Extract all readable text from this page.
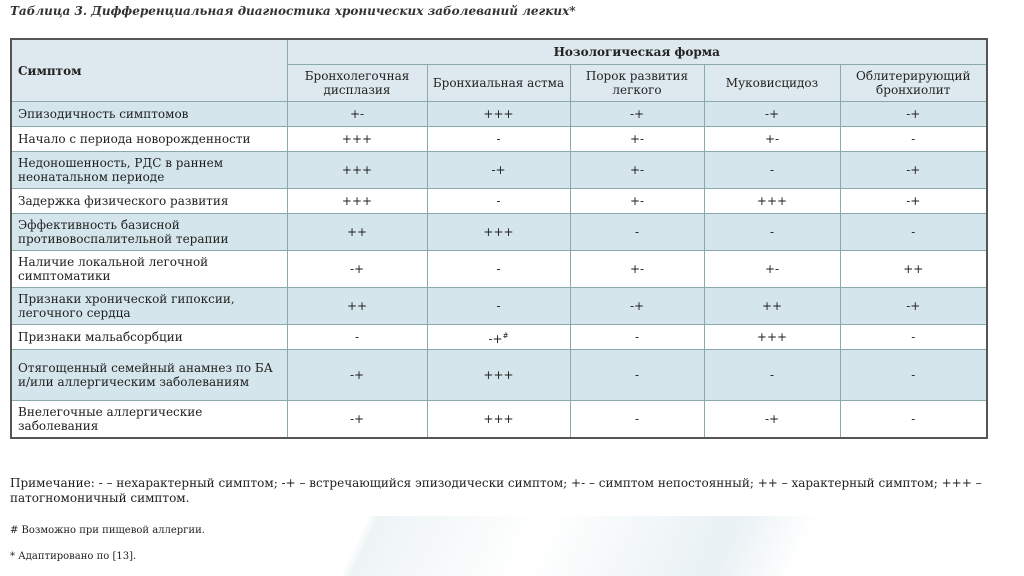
Таблица 3. Дифференциальная диагностика хронических заболеваний легких*
Симптом	Нозологическая форма				
	Бронхолегочная дисплазия	Бронхиальная астма	Порок развития легкого	Муковисцидоз	Облитерирующий бронхиолит
Эпизодичность симптомов	+-	+++	-+	-+	-+
Начало с периода новорожденности	+++	-	+-	+-	-
Недоношенность, РДС в раннем неонатальном периоде	+++	-+	+-	-	-+
Задержка физического развития	+++	-	+-	+++	-+
Эффективность базисной противовоспалительной терапии	++	+++	-	-	-
Наличие локальной легочной симптоматики	-+	-	+-	+-	++
Признаки хронической гипоксии, легочного сердца	++	-	-+	++	-+
Признаки мальабсорбции	-	-+#	-	+++	-
Отягощенный семейный анамнез по БА и/или аллергическим заболеваниям	-+	+++	-	-	-
Внелегочные аллергические заболевания	-+	+++	-	-+	-
Примечание: - – нехарактерный симптом; -+ – встречающийся эпизодически симптом; +- – симптом непостоянный; ++ – характерный симптом; +++ – патогномоничный симптом.
# Возможно при пищевой аллергии.
* Адаптировано по [13].
